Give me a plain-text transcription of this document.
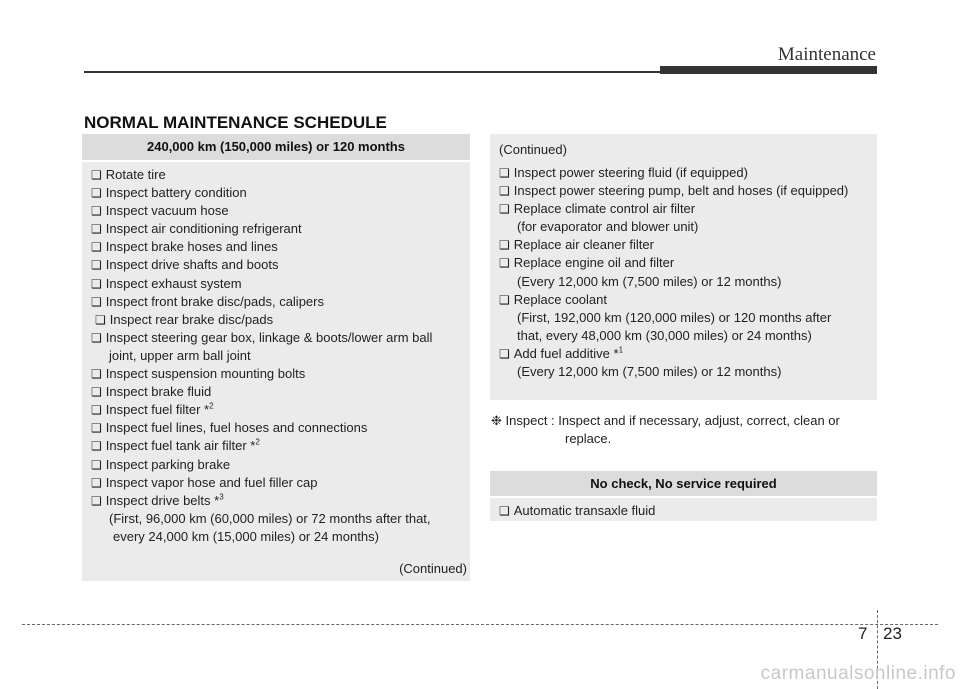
Maintenance
NORMAL MAINTENANCE SCHEDULE
240,000 km (150,000 miles) or 120 months
❑ Rotate tire
❑ Inspect battery condition
❑ Inspect vacuum hose
❑ Inspect air conditioning refrigerant
❑ Inspect brake hoses and lines
❑ Inspect drive shafts and boots
❑ Inspect exhaust system
❑ Inspect front brake disc/pads, calipers
❑ Inspect rear brake disc/pads
❑ Inspect steering gear box, linkage & boots/lower arm ball
joint, upper arm ball joint
❑ Inspect suspension mounting bolts
❑ Inspect brake fluid
❑ Inspect fuel filter *$^2$
❑ Inspect fuel lines, fuel hoses and connections
❑ Inspect fuel tank air filter *$^2$
❑ Inspect parking brake
❑ Inspect vapor hose and fuel filler cap
❑ Inspect drive belts *$^3$
(First, 96,000 km (60,000 miles) or 72 months after that,
every 24,000 km (15,000 miles) or 24 months)
(Continued)
(Continued)
❑ Inspect power steering fluid (if equipped)
❑ Inspect power steering pump, belt and hoses (if equipped)
❑ Replace climate control air filter
(for evaporator and blower unit)
❑ Replace air cleaner filter
❑ Replace engine oil and filter
(Every 12,000 km (7,500 miles) or 12 months)
❑ Replace coolant
(First, 192,000 km (120,000 miles) or 120 months after
that, every 48,000 km (30,000 miles) or 24 months)
❑ Add fuel additive *$^1$
(Every 12,000 km (7,500 miles) or 12 months)
❉ Inspect : Inspect and if necessary, adjust, correct, clean or
replace.
No check, No service required
❑ Automatic transaxle fluid
7 23
carmanualsonline.info
